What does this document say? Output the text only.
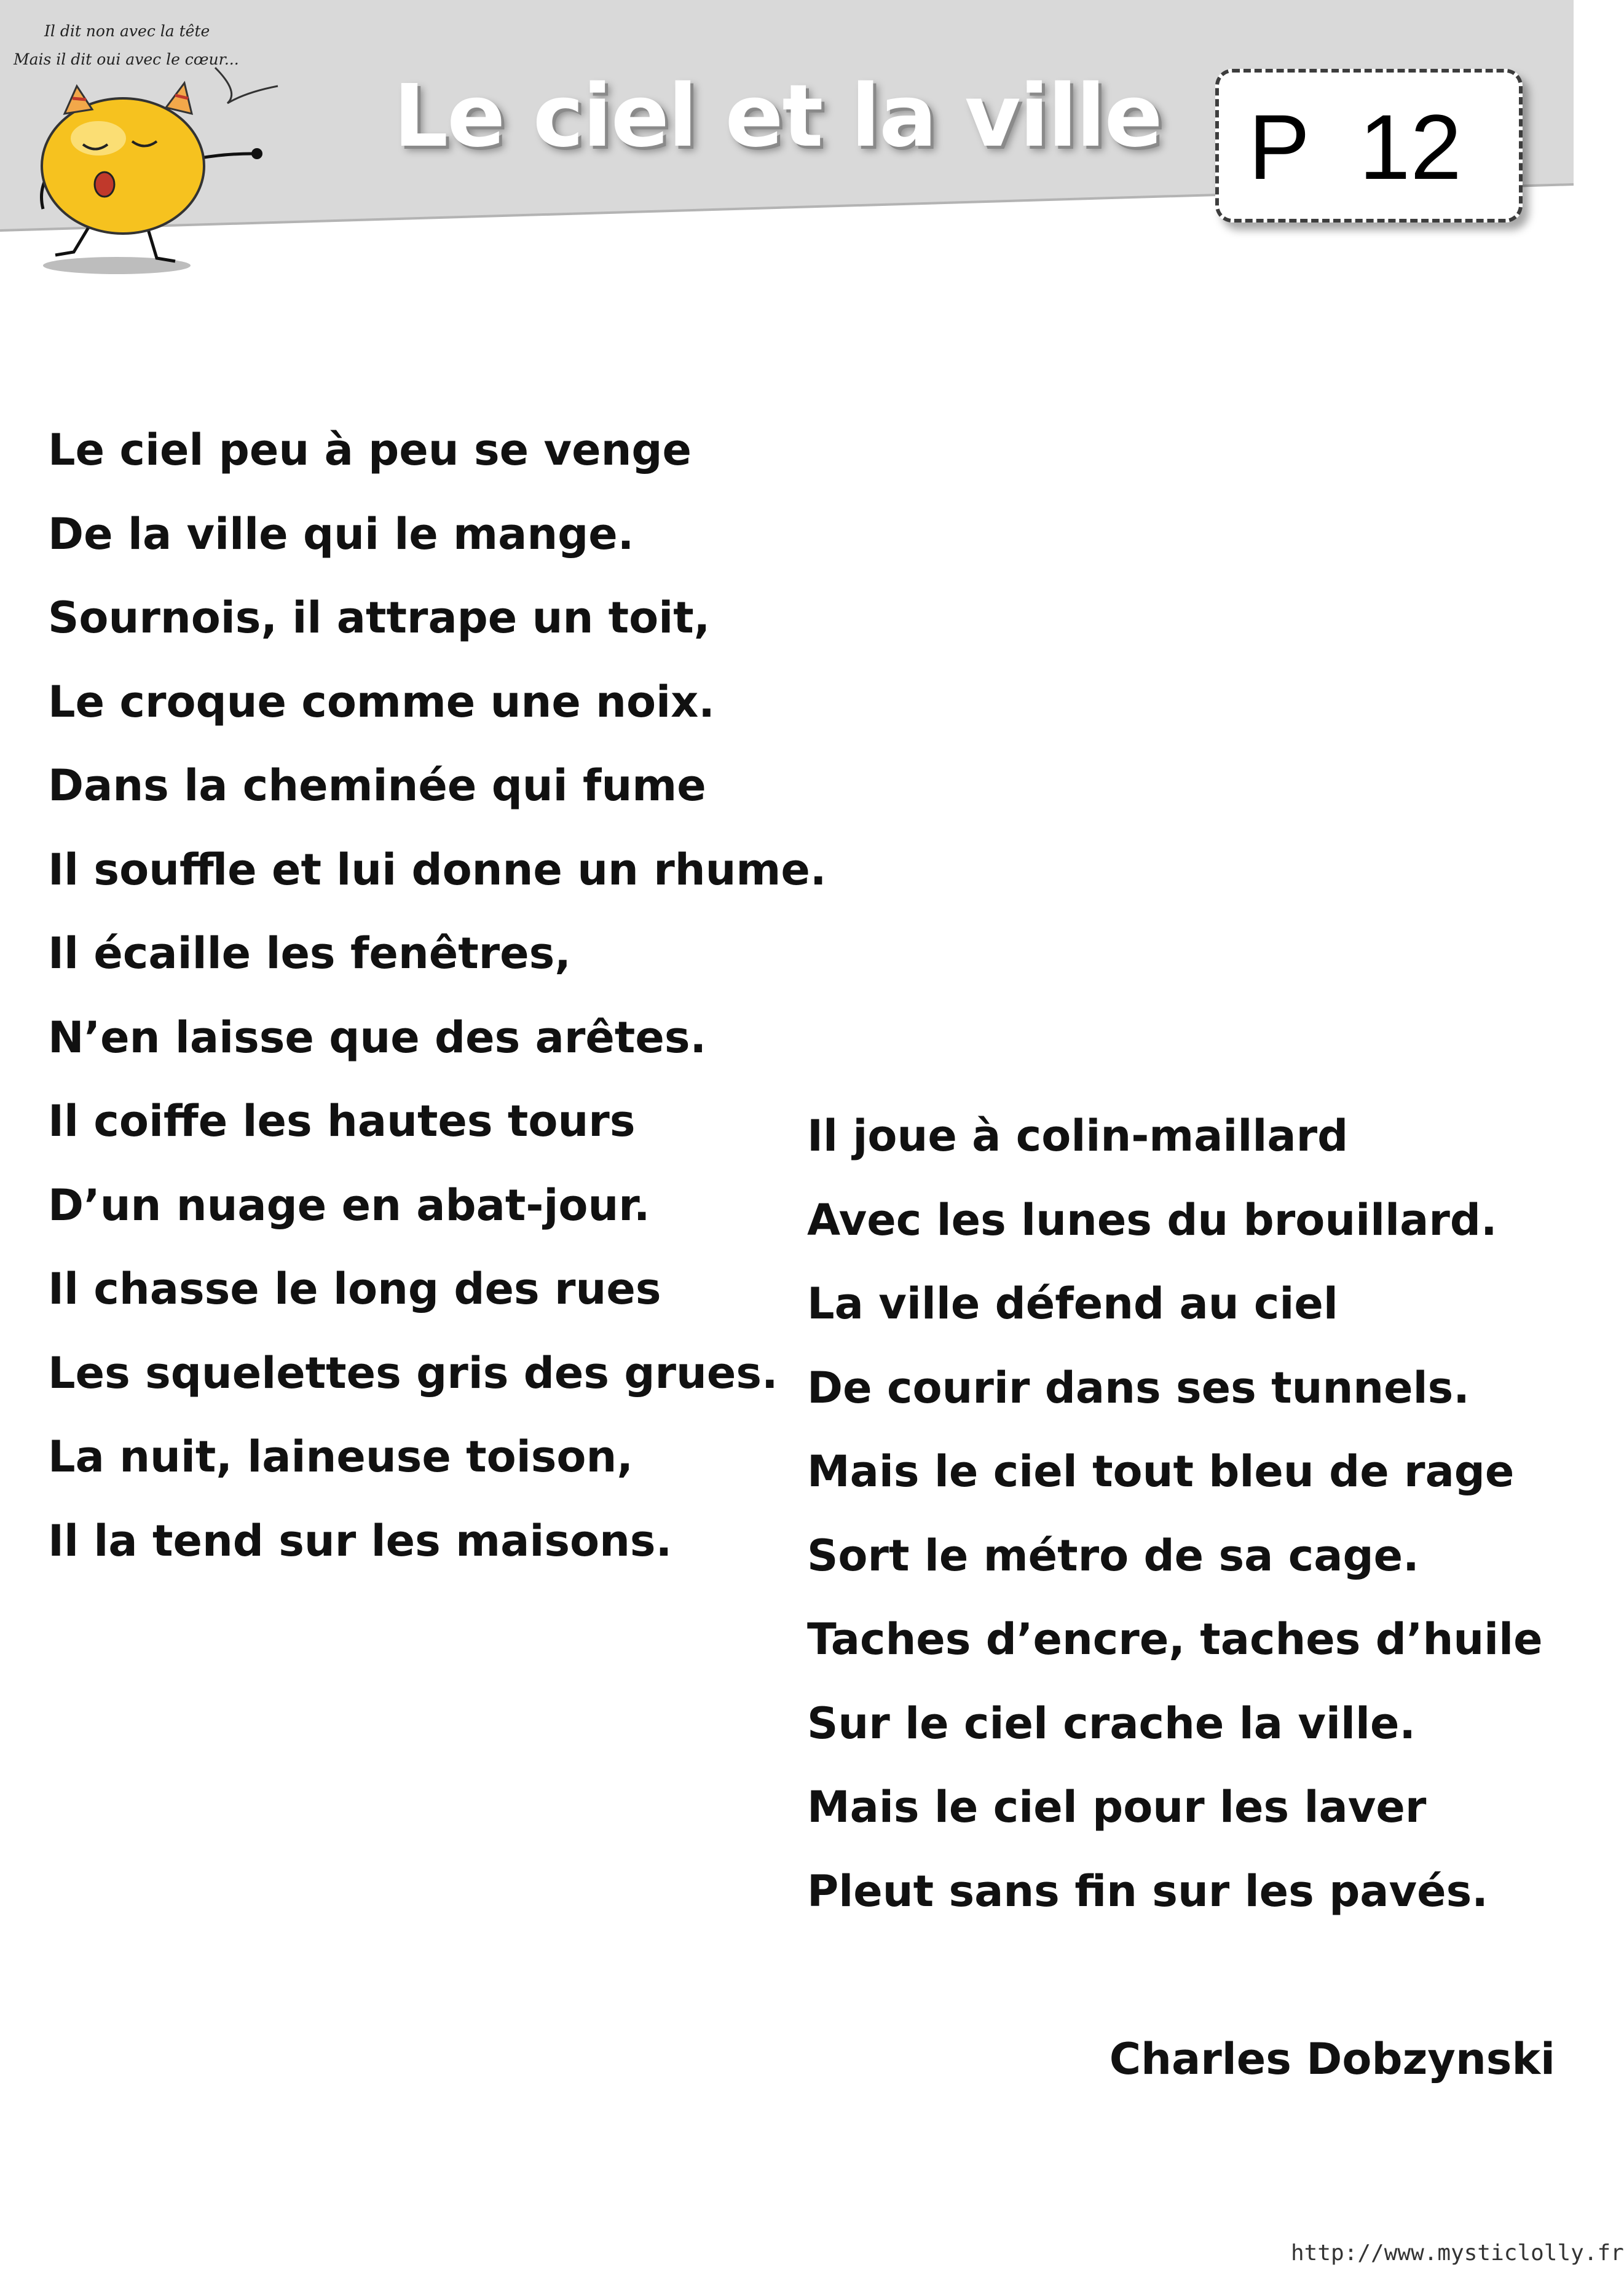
Il dit non avec la tête
Mais il dit oui avec le cœur...
Le ciel et la ville P 12
Le ciel peu à peu se venge
De la ville qui le mange.
Sournois, il attrape un toit,
Le croque comme une noix.
Dans la cheminée qui fume
Il souffle et lui donne un rhume.
Il écaille les fenêtres,
N’en laisse que des arêtes.
Il coiffe les hautes tours
D’un nuage en abat-jour.
Il chasse le long des rues
Les squelettes gris des grues.
La nuit, laineuse toison,
Il la tend sur les maisons.
Il joue à colin-maillard
Avec les lunes du brouillard.
La ville défend au ciel
De courir dans ses tunnels.
Mais le ciel tout bleu de rage
Sort le métro de sa cage.
Taches d’encre, taches d’huile
Sur le ciel crache la ville.
Mais le ciel pour les laver
Pleut sans fin sur les pavés.
Charles Dobzynski
http://www.mysticlolly.fr
